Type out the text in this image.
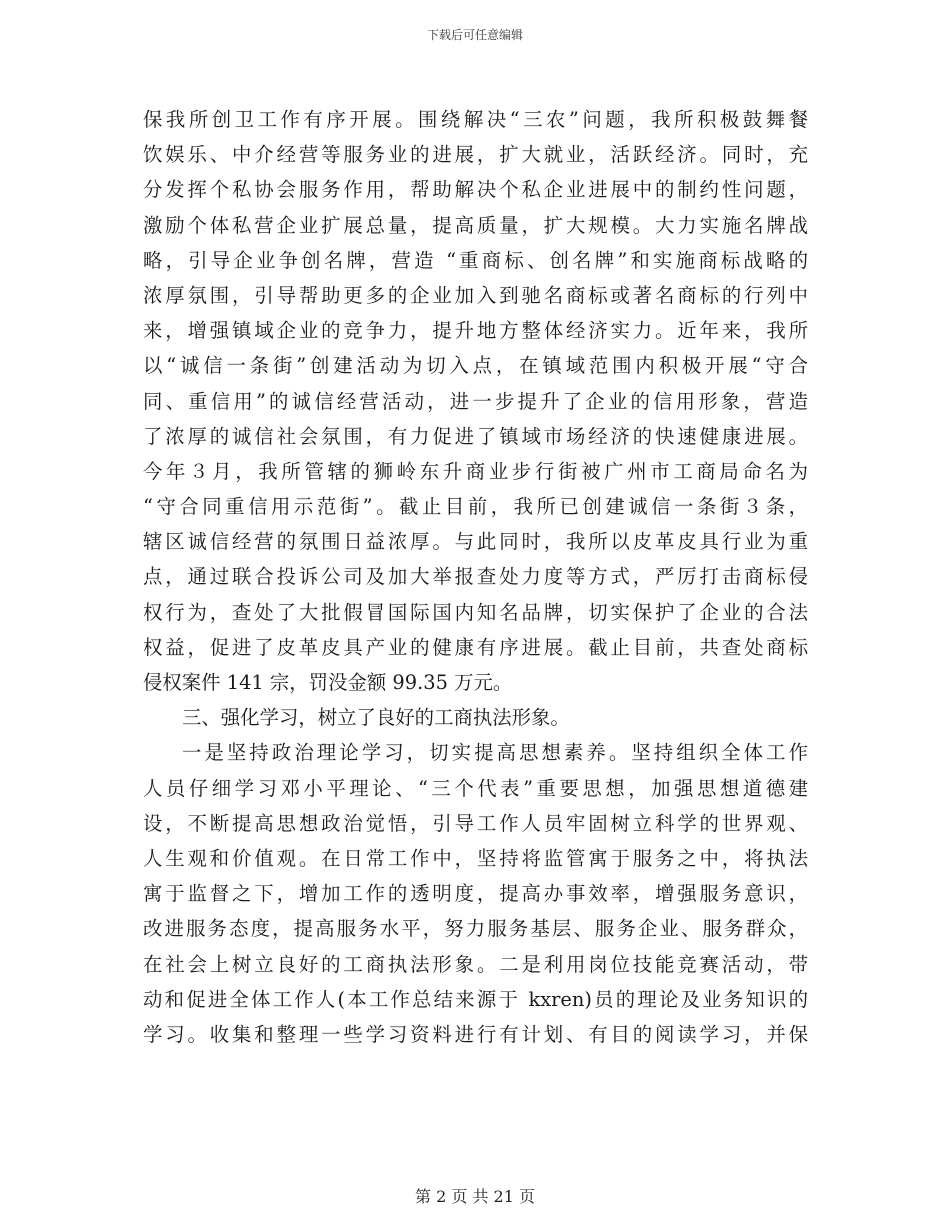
下载后可任意编辑
保我所创卫工作有序开展。围绕解决“三农”问题，我所积极鼓舞餐
饮娱乐、中介经营等服务业的进展，扩大就业，活跃经济。同时，充
分发挥个私协会服务作用，帮助解决个私企业进展中的制约性问题，
激励个体私营企业扩展总量，提高质量，扩大规模。大力实施名牌战
略，引导企业争创名牌，营造 “重商标、创名牌”和实施商标战略的
浓厚氛围，引导帮助更多的企业加入到驰名商标或著名商标的行列中
来，增强镇域企业的竞争力，提升地方整体经济实力。近年来，我所
以“诚信一条街”创建活动为切入点，在镇域范围内积极开展“守合
同、重信用”的诚信经营活动，进一步提升了企业的信用形象，营造
了浓厚的诚信社会氛围，有力促进了镇域市场经济的快速健康进展。
今年３月，我所管辖的狮岭东升商业步行街被广州市工商局命名为
“守合同重信用示范街”。截止目前，我所已创建诚信一条街３条，
辖区诚信经营的氛围日益浓厚。与此同时，我所以皮革皮具行业为重
点，通过联合投诉公司及加大举报查处力度等方式，严厉打击商标侵
权行为，查处了大批假冒国际国内知名品牌，切实保护了企业的合法
权益，促进了皮革皮具产业的健康有序进展。截止目前，共查处商标
侵权案件 141 宗，罚没金额 99.35 万元。
三、强化学习，树立了良好的工商执法形象。
一是坚持政治理论学习，切实提高思想素养。坚持组织全体工作
人员仔细学习邓小平理论、“三个代表”重要思想，加强思想道德建
设，不断提高思想政治觉悟，引导工作人员牢固树立科学的世界观、
人生观和价值观。在日常工作中，坚持将监管寓于服务之中，将执法
寓于监督之下，增加工作的透明度，提高办事效率，增强服务意识，
改进服务态度，提高服务水平，努力服务基层、服务企业、服务群众，
在社会上树立良好的工商执法形象。二是利用岗位技能竞赛活动，带
动和促进全体工作人(本工作总结来源于 kxren)员的理论及业务知识的
学习。收集和整理一些学习资料进行有计划、有目的阅读学习，并保
第 2 页 共 21 页
